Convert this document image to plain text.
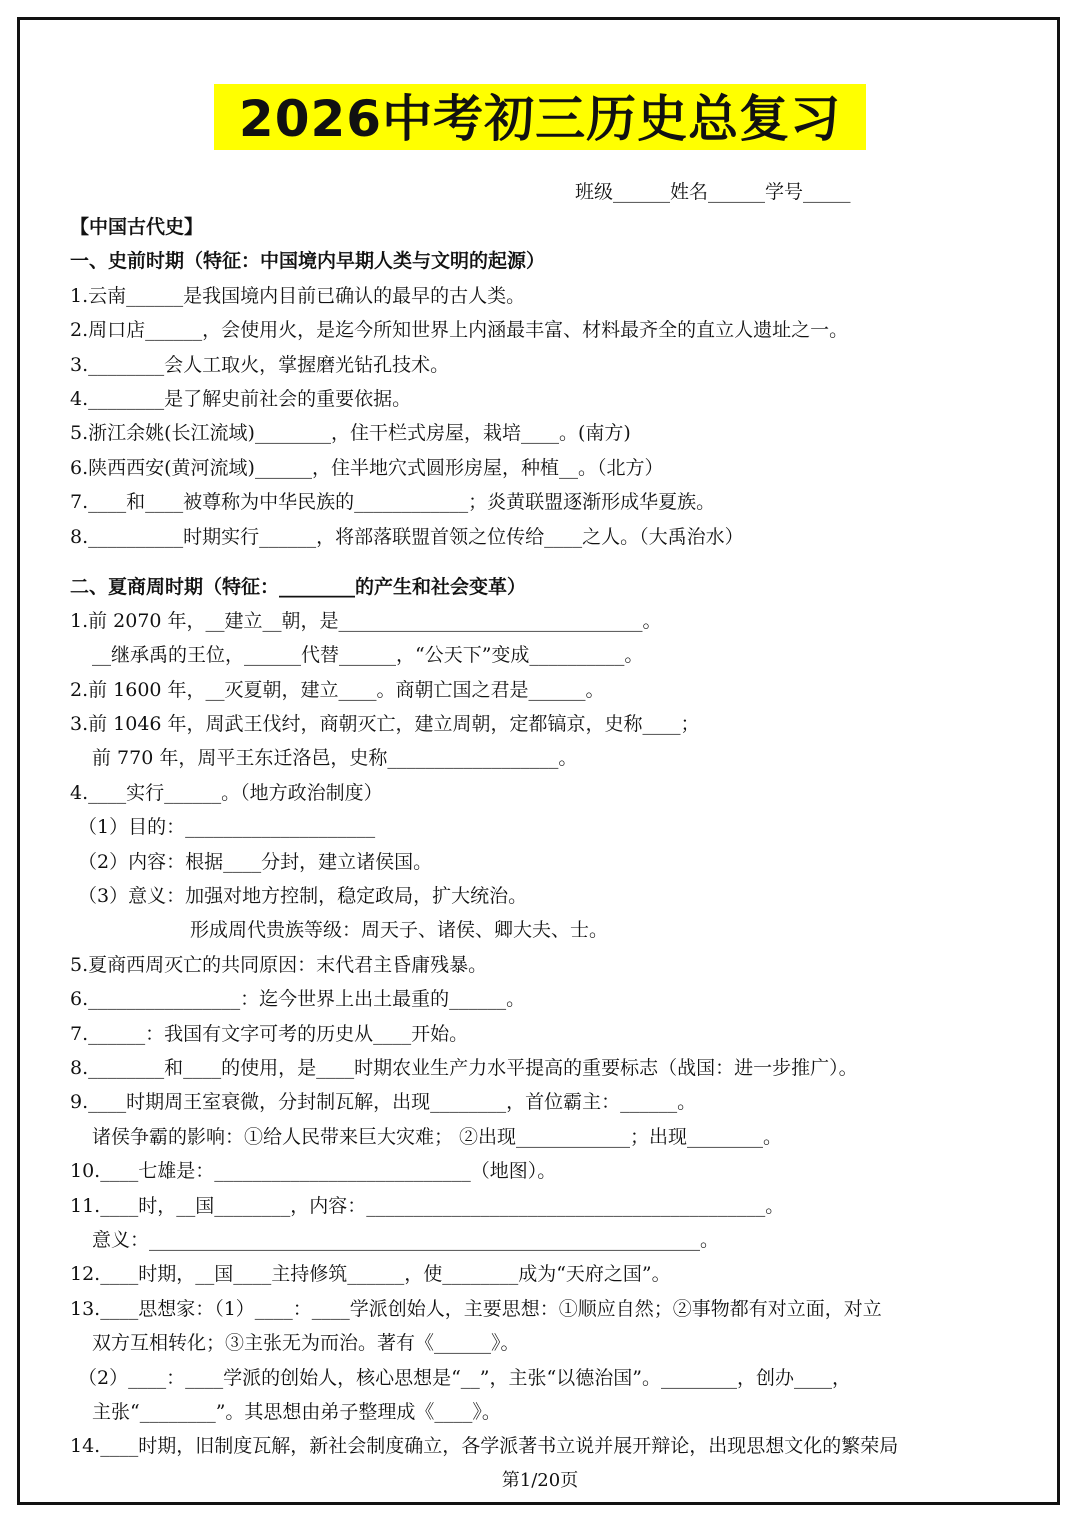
2026中考初三历史总复习
班级______姓名______学号_____
【中国古代史】
一、史前时期（特征：中国境内早期人类与文明的起源）
1.云南______是我国境内目前已确认的最早的古人类。
2.周口店______，会使用火，是迄今所知世界上内涵最丰富、材料最齐全的直立人遗址之一。
3.________会人工取火，掌握磨光钻孔技术。
4.________是了解史前社会的重要依据。
5.浙江余姚(长江流域)________，住干栏式房屋，栽培____。(南方)
6.陕西西安(黄河流域)______，住半地穴式圆形房屋，种植__。（北方）
7.____和____被尊称为中华民族的____________；炎黄联盟逐渐形成华夏族。
8.__________时期实行______，将部落联盟首领之位传给____之人。（大禹治水）
二、夏商周时期（特征：________的产生和社会变革）
1.前 2070 年，__建立__朝，是________________________________。
__继承禹的王位，______代替______，“公天下”变成__________。
2.前 1600 年，__灭夏朝，建立____。商朝亡国之君是______。
3.前 1046 年，周武王伐纣，商朝灭亡，建立周朝，定都镐京，史称____；
前 770 年，周平王东迁洛邑，史称__________________。
4.____实行______。（地方政治制度）
（1）目的：____________________
（2）内容：根据____分封，建立诸侯国。
（3）意义：加强对地方控制，稳定政局，扩大统治。
形成周代贵族等级：周天子、诸侯、卿大夫、士。
5.夏商西周灭亡的共同原因：末代君主昏庸残暴。
6.________________：迄今世界上出土最重的______。
7.______：我国有文字可考的历史从____开始。
8.________和____的使用，是____时期农业生产力水平提高的重要标志（战国：进一步推广）。
9.____时期周王室衰微，分封制瓦解，出现________，首位霸主：______。
诸侯争霸的影响：①给人民带来巨大灾难； ②出现____________；出现________。
10.____七雄是：___________________________（地图）。
11.____时，__国________，内容：__________________________________________。
意义：__________________________________________________________。
12.____时期，__国____主持修筑______，使________成为“天府之国”。
13.____思想家：（1）____：____学派创始人，主要思想：①顺应自然；②事物都有对立面，对立
双方互相转化；③主张无为而治。著有《______》。
（2）____：____学派的创始人，核心思想是“__”，主张“以德治国”。________，创办____，
主张“________”。其思想由弟子整理成《____》。
14.____时期，旧制度瓦解，新社会制度确立，各学派著书立说并展开辩论，出现思想文化的繁荣局
第1/20页
